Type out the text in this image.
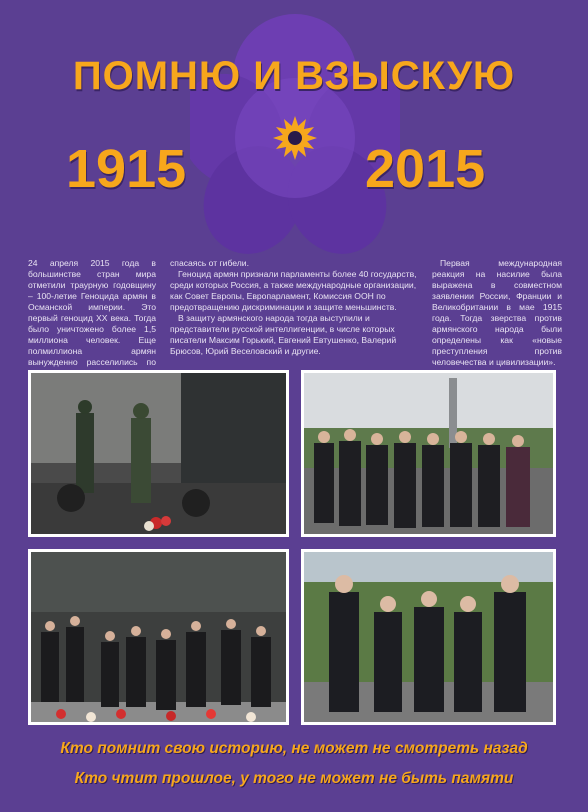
ПОМНЮ И ВЗЫСКУЮ
1915	2015
24 апреля 2015 года в большинстве стран мира отметили траурную годовщину – 100-летие Геноцида армян в Османской империи. Это первый геноцид XX века. Тогда было уничтожено более 1,5 миллиона человек. Еще полмиллиона армян вынужденно расселились по

спасаясь от гибели.

Геноцид армян признали парламенты более 40 государств, среди которых Россия, а также международные организации, как Совет Европы, Европарламент, Комиссия ООН по предотвращению дискриминации и защите меньшинств.

В защиту армянского народа тогда выступили и представители русской интеллигенции, в числе которых писатели Максим Горький, Евгений Евтушенко, Валерий Брюсов, Юрий Веселовский и другие.

Первая международная реакция на насилие была выражена в совместном заявлении России, Франции и Великобритании в мае 1915 года. Тогда зверства против армянского народа были определены как «новые преступления против человечества и цивилизации».
Кто помнит свою историю, не может не смотреть назад
Кто чтит прошлое, у того не может не быть памяти
